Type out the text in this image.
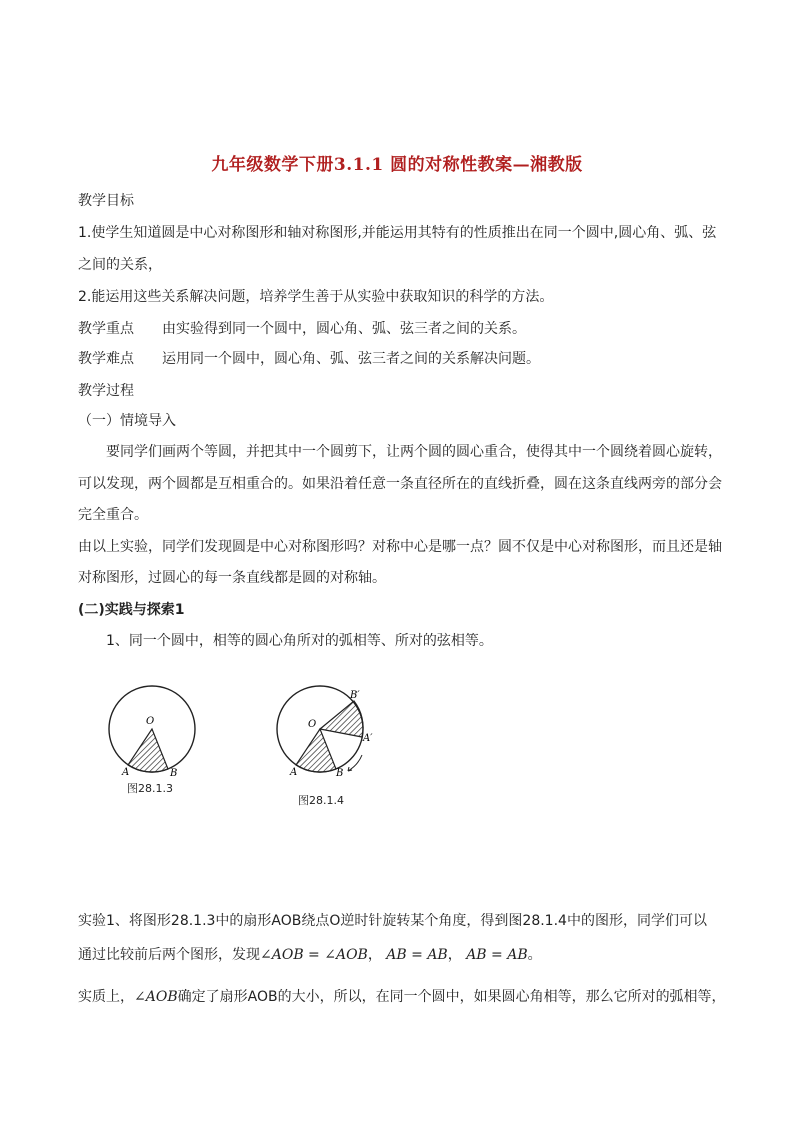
九年级数学下册3.1.1 圆的对称性教案—湘教版
教学目标
1.使学生知道圆是中心对称图形和轴对称图形,并能运用其特有的性质推出在同一个圆中,圆心角、弧、弦
之间的关系，
2.能运用这些关系解决问题，培养学生善于从实验中获取知识的科学的方法。
教学重点　　由实验得到同一个圆中，圆心角、弧、弦三者之间的关系。
教学难点　　运用同一个圆中，圆心角、弧、弦三者之间的关系解决问题。
教学过程
（一）情境导入
　　要同学们画两个等圆，并把其中一个圆剪下，让两个圆的圆心重合，使得其中一个圆绕着圆心旋转，
可以发现，两个圆都是互相重合的。如果沿着任意一条直径所在的直线折叠，圆在这条直线两旁的部分会
完全重合。
由以上实验，同学们发现圆是中心对称图形吗？对称中心是哪一点？圆不仅是中心对称图形，而且还是轴
对称图形，过圆心的每一条直线都是圆的对称轴。
(二)实践与探索1
　　1、同一个圆中，相等的圆心角所对的弧相等、所对的弦相等。
O
A	B
图28.1.3
O
A	B
B′
A′
图28.1.4
实验1、将图形28.1.3中的扇形AOB绕点O逆时针旋转某个角度，得到图28.1.4中的图形，同学们可以
通过比较前后两个图形，发现∠AOB = ∠AOB， AB = AB， AB = AB。
实质上，∠AOB确定了扇形AOB的大小，所以，在同一个圆中，如果圆心角相等，那么它所对的弧相等，
